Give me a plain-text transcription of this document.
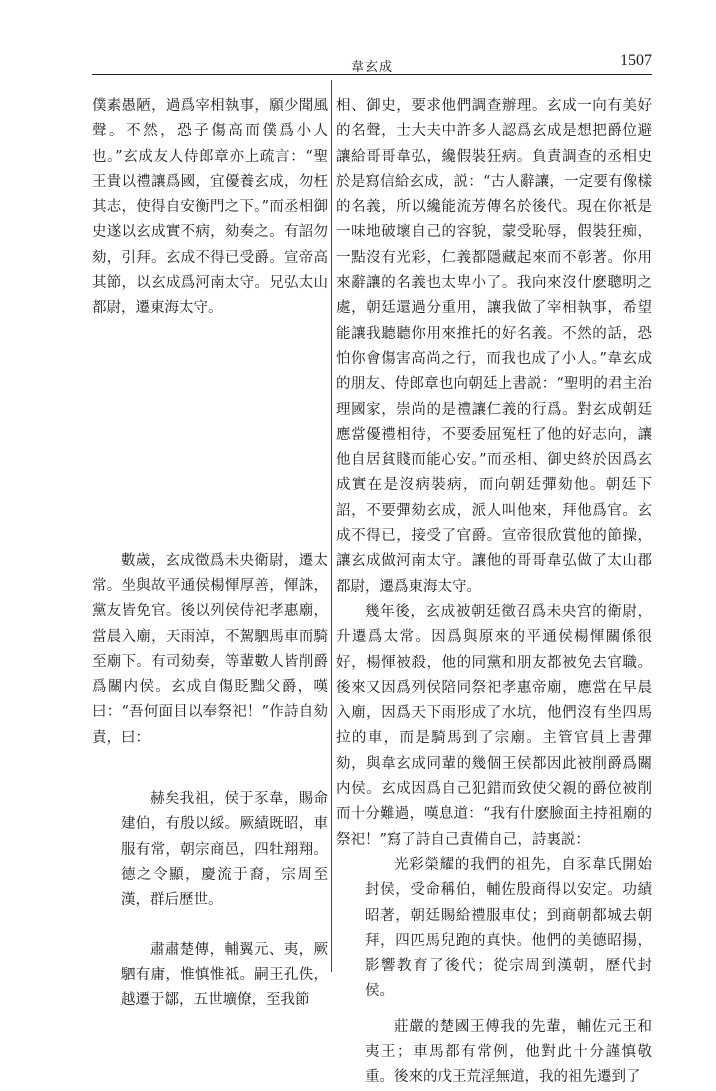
韋玄成	1507

僕素愚陋，過爲宰相執事，願少聞風聲。不然，恐子傷高而僕爲小人也。”玄成友人侍郎章亦上疏言：“聖王貴以禮讓爲國，宜優養玄成，勿枉其志，使得自安衡門之下。”而丞相御史遂以玄成實不病，劾奏之。有詔勿劾，引拜。玄成不得已受爵。宣帝高其節，以玄成爲河南太守。兄弘太山都尉，遷東海太守。

數歲，玄成徵爲未央衛尉，遷太常。坐與故平通侯楊惲厚善，惲誅，黨友皆免官。後以列侯侍祀孝惠廟，當晨入廟，天雨淖，不駕駟馬車而騎至廟下。有司劾奏，等輩數人皆削爵爲關内侯。玄成自傷貶黜父爵，嘆曰：“吾何面目以奉祭祀！”作詩自劾責，曰：

赫矣我祖，侯于豕韋，賜命建伯，有殷以綏。厥績既昭，車服有常，朝宗商邑，四牡翔翔。德之令顯，慶流于裔，宗周至漢，群后歷世。

肅肅楚傳，輔翼元、夷，厥駟有庸，惟慎惟祗。嗣王孔佚，越遷于鄒，五世壙僚，至我節

相、御史，要求他們調查辦理。玄成一向有美好的名聲，士大夫中許多人認爲玄成是想把爵位避讓給哥哥韋弘，纔假裝狂病。負責調查的丞相史於是寫信給玄成，説：“古人辭讓，一定要有像樣的名義，所以纔能流芳傳名於後代。現在你衹是一味地破壞自己的容貌，蒙受恥辱，假裝狂痴，一點沒有光彩，仁義都隱藏起來而不彰著。你用來辭讓的名義也太卑小了。我向來沒什麽聰明之處，朝廷還過分重用，讓我做了宰相執事，希望能讓我聽聽你用來推托的好名義。不然的話，恐怕你會傷害高尚之行，而我也成了小人。”韋玄成的朋友、侍郎章也向朝廷上書説：“聖明的君主治理國家，崇尚的是禮讓仁義的行爲。對玄成朝廷應當優禮相待，不要委屈冤枉了他的好志向，讓他自居貧賤而能心安。”而丞相、御史終於因爲玄成實在是沒病裝病，而向朝廷彈劾他。朝廷下詔，不要彈劾玄成，派人叫他來，拜他爲官。玄成不得已，接受了官爵。宣帝很欣賞他的節操，讓玄成做河南太守。讓他的哥哥韋弘做了太山郡都尉，遷爲東海太守。

幾年後，玄成被朝廷徵召爲未央宫的衛尉，升遷爲太常。因爲與原來的平通侯楊惲關係很好，楊惲被殺，他的同黨和朋友都被免去官職。後來又因爲列侯陪同祭祀孝惠帝廟，應當在早晨入廟，因爲天下雨形成了水坑，他們沒有坐四馬拉的車，而是騎馬到了宗廟。主管官員上書彈劾，與韋玄成同輩的幾個王侯都因此被削爵爲關内侯。玄成因爲自己犯錯而致使父親的爵位被削而十分難過，嘆息道：“我有什麽臉面主持祖廟的祭祀！”寫了詩自己責備自己，詩裏説：

光彩榮耀的我們的祖先，自豕韋氏開始封侯，受命稱伯，輔佐殷商得以安定。功績昭著，朝廷賜給禮服車仗；到商朝都城去朝拜，四匹馬兒跑的真快。他們的美德昭揚，影響教育了後代；從宗周到漢朝，歷代封侯。

莊嚴的楚國王傅我的先輩，輔佐元王和夷王；車馬都有常例，他對此十分謹慎敬重。後來的戊王荒淫無道，我的祖先遷到了
